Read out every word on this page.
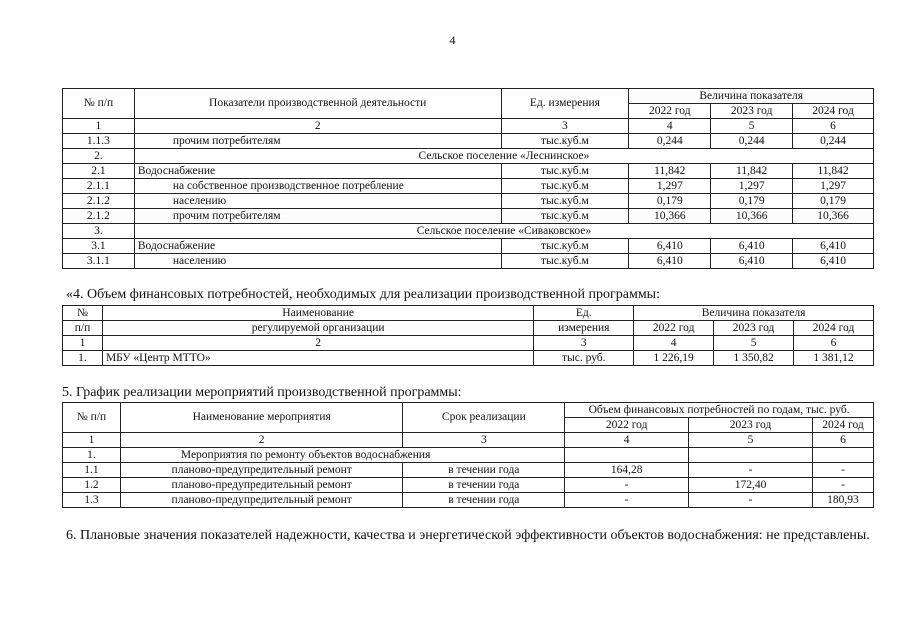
4
№ п/п	Показатели производственной деятельности	Ед. измерения	Величина показателя		
			2022 год	2023 год	2024 год
1	2	3	4	5	6
1.1.3	прочим потребителям	тыс.куб.м	0,244	0,244	0,244
2.	Сельское поселение «Леснинское»				
2.1	Водоснабжение	тыс.куб.м	11,842	11,842	11,842
2.1.1	на собственное производственное потребление	тыс.куб.м	1,297	1,297	1,297
2.1.2	населению	тыс.куб.м	0,179	0,179	0,179
2.1.2	прочим потребителям	тыс.куб.м	10,366	10,366	10,366
3.	Сельское поселение «Сиваковское»				
3.1	Водоснабжение	тыс.куб.м	6,410	6,410	6,410
3.1.1	населению	тыс.куб.м	6,410	6,410	6,410
«4. Объем финансовых потребностей, необходимых для реализации производственной программы:
№	Наименование	Ед.	Величина показателя		
п/п	регулируемой организации	измерения	2022 год	2023 год	2024 год
1	2	3	4	5	6
1.	МБУ «Центр МТТО»	тыс. руб.	1 226,19	1 350,82	1 381,12
5. График реализации мероприятий производственной программы:
№ п/п	Наименование мероприятия	Срок реализации	Объем финансовых потребностей по годам, тыс. руб.		
			2022 год	2023 год	2024 год
1	2	3	4	5	6
1.	Мероприятия по ремонту объектов водоснабжения				
1.1	планово-предупредительный ремонт	в течении года	164,28	-	-
1.2	планово-предупредительный ремонт	в течении года	-	172,40	-
1.3	планово-предупредительный ремонт	в течении года	-	-	180,93
6. Плановые значения показателей надежности, качества и энергетической эффективности объектов водоснабжения: не представлены.
